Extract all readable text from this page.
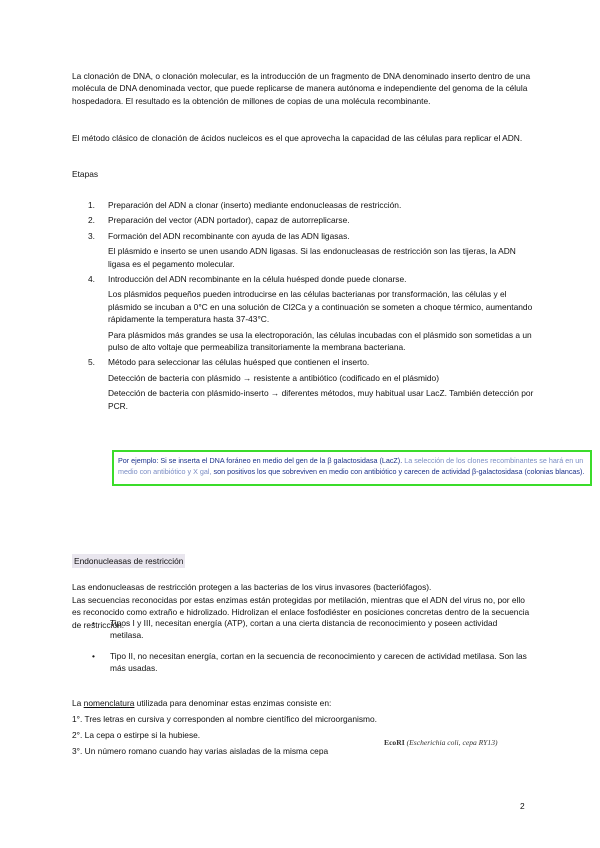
La clonación de DNA, o clonación molecular, es la introducción de un fragmento de DNA denominado inserto dentro de una molécula de DNA denominada vector, que puede replicarse de manera autónoma e independiente del genoma de la célula hospedadora. El resultado es la obtención de millones de copias de una molécula recombinante.

El método clásico de clonación de ácidos nucleicos es el que aprovecha la capacidad de las células para replicar el ADN.

Etapas

1. Preparación del ADN a clonar (inserto) mediante endonucleasas de restricción.
2. Preparación del vector (ADN portador), capaz de autorreplicarse.
3. Formación del ADN recombinante con ayuda de las ADN ligasas.
El plásmido e inserto se unen usando ADN ligasas. Si las endonucleasas de restricción son las tijeras, la ADN ligasa es el pegamento molecular.
4. Introducción del ADN recombinante en la célula huésped donde puede clonarse.
Los plásmidos pequeños pueden introducirse en las células bacterianas por transformación, las células y el plásmido se incuban a 0°C en una solución de Cl2Ca y a continuación se someten a choque térmico, aumentando rápidamente la temperatura hasta 37-43°C.
Para plásmidos más grandes se usa la electroporación, las células incubadas con el plásmido son sometidas a un pulso de alto voltaje que permeabiliza transitoriamente la membrana bacteriana.
5. Método para seleccionar las células huésped que contienen el inserto.
Detección de bacteria con plásmido → resistente a antibiótico (codificado en el plásmido)
Detección de bacteria con plásmido-inserto → diferentes métodos, muy habitual usar LacZ. También detección por PCR.
Por ejemplo: Si se inserta el DNA foráneo en medio del gen de la β galactosidasa (LacZ). La selección de los clones recombinantes se hará en un medio con antibiótico y X gal, son positivos los que sobreviven en medio con antibiótico y carecen de actividad β-galactosidasa (colonias blancas).
Endonucleasas de restricción

Las endonucleasas de restricción protegen a las bacterias de los virus invasores (bacteriófagos).

Las secuencias reconocidas por estas enzimas están protegidas por metilación, mientras que el ADN del virus no, por ello es reconocido como extraño e hidrolizado. Hidrolizan el enlace fosfodiéster en posiciones concretas dentro de la secuencia de restricción.

• Tipos I y III, necesitan energía (ATP), cortan a una cierta distancia de reconocimiento y poseen actividad metilasa.
• Tipo II, no necesitan energía, cortan en la secuencia de reconocimiento y carecen de actividad metilasa. Son las más usadas.

La nomenclatura utilizada para denominar estas enzimas consiste en:

1°. Tres letras en cursiva y corresponden al nombre científico del microorganismo.

2°. La cepa o estirpe si la hubiese.

3°. Un número romano cuando hay varias aisladas de la misma cepa

EcoRI (Escherichia coli, cepa RY13)
2
